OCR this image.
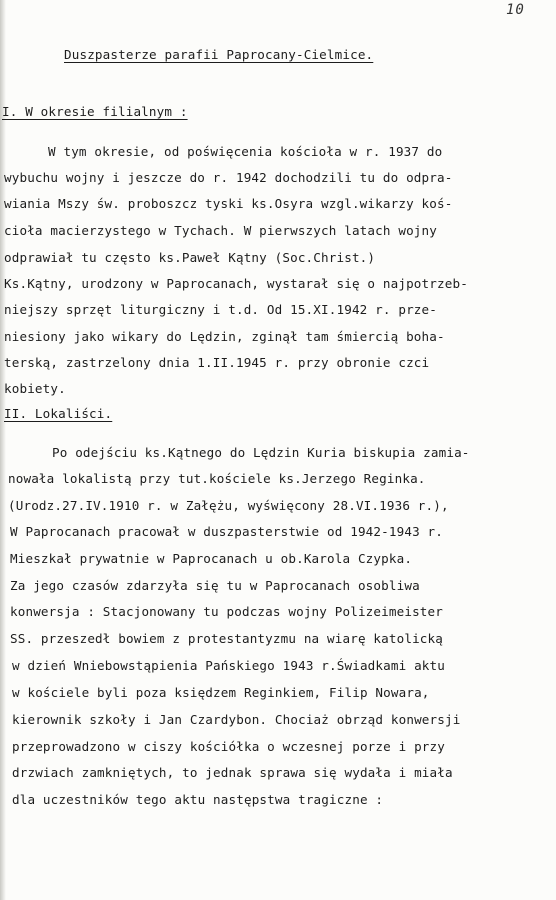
10
Duszpasterze parafii Paprocany-Cielmice.
I. W okresie filialnym :
W tym okresie, od poświęcenia kościoła w r. 1937 do
wybuchu wojny i jeszcze do r. 1942 dochodzili tu do odpra-
wiania Mszy św. proboszcz tyski ks.Osyra wzgl.wikarzy koś-
cioła macierzystego w Tychach. W pierwszych latach wojny
odprawiał tu często ks.Paweł Kątny (Soc.Christ.)
Ks.Kątny, urodzony w Paprocanach, wystarał się o najpotrzeb-
niejszy sprzęt liturgiczny i t.d. Od 15.XI.1942 r. prze-
niesiony jako wikary do Lędzin, zginął tam śmiercią boha-
terską, zastrzelony dnia 1.II.1945 r. przy obronie czci
kobiety.
II. Lokaliści.
Po odejściu ks.Kątnego do Lędzin Kuria biskupia zamia-
nowała lokalistą przy tut.kościele ks.Jerzego Reginka.
(Urodz.27.IV.1910 r. w Załężu, wyświęcony 28.VI.1936 r.),
W Paprocanach pracował w duszpasterstwie od 1942-1943 r.
Mieszkał prywatnie w Paprocanach u ob.Karola Czypka.
Za jego czasów zdarzyła się tu w Paprocanach osobliwa
konwersja : Stacjonowany tu podczas wojny Polizeimeister
SS. przeszedł bowiem z protestantyzmu na wiarę katolicką
w dzień Wniebowstąpienia Pańskiego 1943 r.Świadkami aktu
w kościele byli poza księdzem Reginkiem, Filip Nowara,
kierownik szkoły i Jan Czardybon. Chociaż obrząd konwersji
przeprowadzono w ciszy kościółka o wczesnej porze i przy
drzwiach zamkniętych, to jednak sprawa się wydała i miała
dla uczestników tego aktu następstwa tragiczne :
